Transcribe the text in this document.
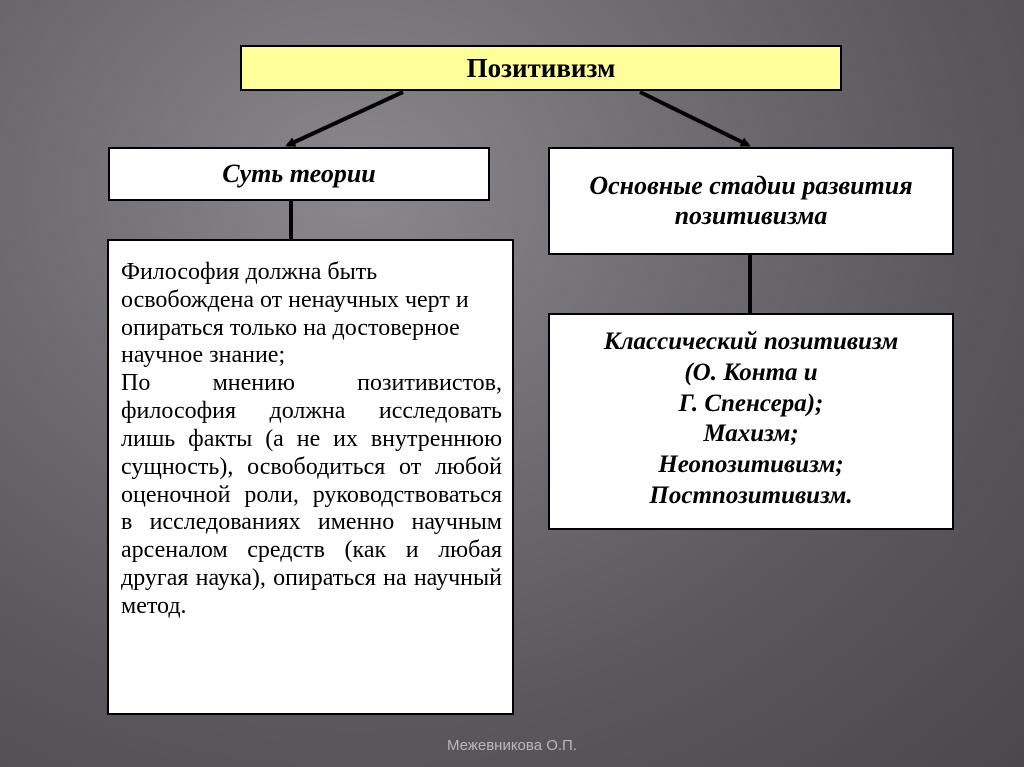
Позитивизм
Суть теории	Основные стадии развития позитивизма

Философия должна быть освобождена от ненаучных черт и опираться только на достоверное научное знание;

По мнению позитивистов, философия должна исследовать лишь факты (а не их внутреннюю сущность), освободиться от любой оценочной роли, руководствоваться в исследованиях именно научным арсеналом средств (как и любая другая наука), опираться на научный метод.

Классический позитивизм
(О. Конта и
Г. Спенсера);
Махизм;
Неопозитивизм;
Постпозитивизм.
Межевникова О.П.
